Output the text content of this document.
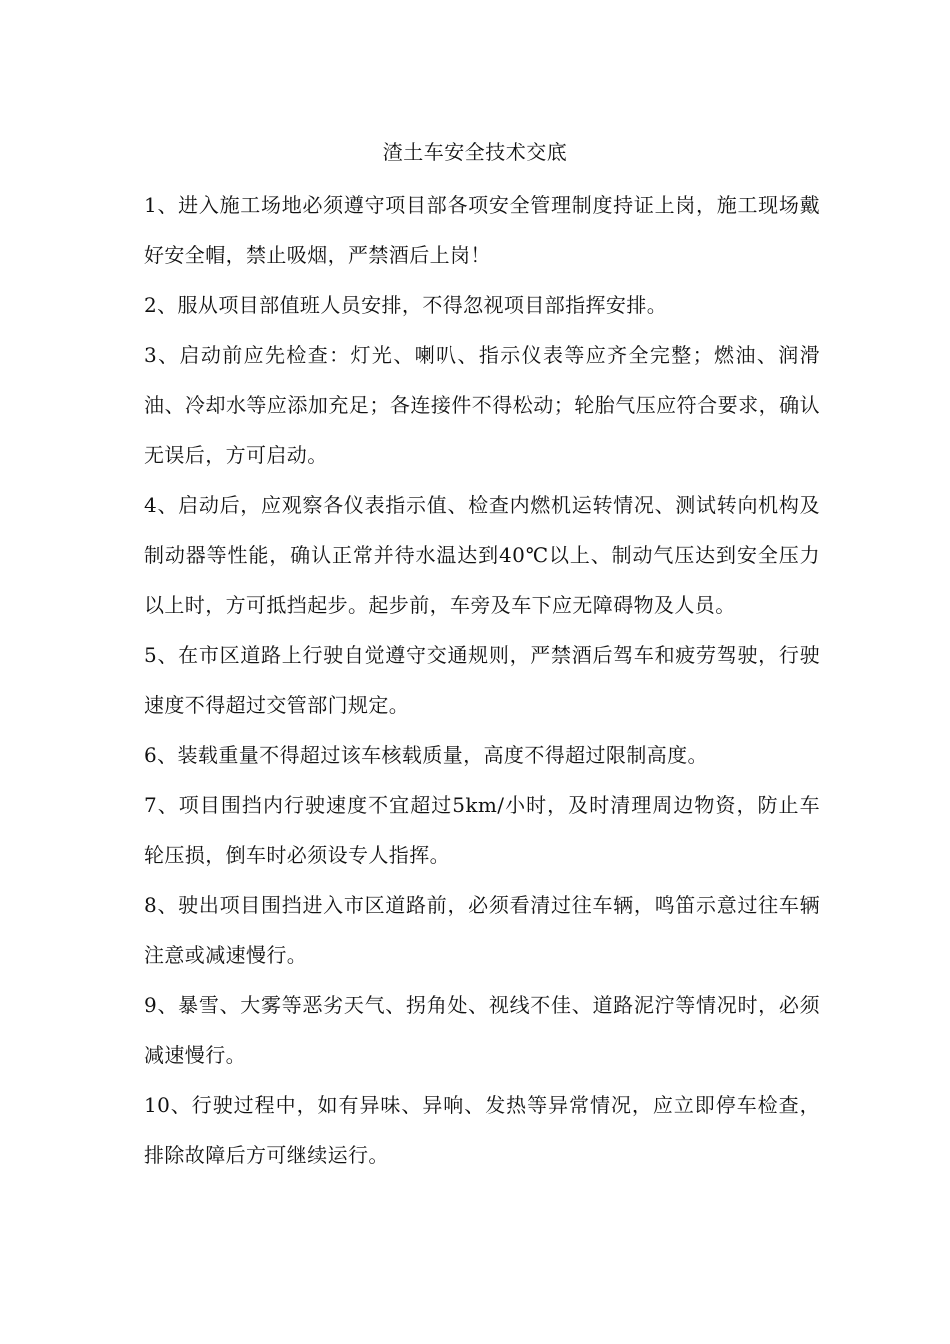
渣土车安全技术交底

1、进入施工场地必须遵守项目部各项安全管理制度持证上岗，施工现场戴好安全帽，禁止吸烟，严禁酒后上岗！

2、服从项目部值班人员安排，不得忽视项目部指挥安排。

3、启动前应先检查：灯光、喇叭、指示仪表等应齐全完整；燃油、润滑油、冷却水等应添加充足；各连接件不得松动；轮胎气压应符合要求，确认无误后，方可启动。

4、启动后，应观察各仪表指示值、检查内燃机运转情况、测试转向机构及制动器等性能，确认正常并待水温达到40℃以上、制动气压达到安全压力以上时，方可抵挡起步。起步前，车旁及车下应无障碍物及人员。

5、在市区道路上行驶自觉遵守交通规则，严禁酒后驾车和疲劳驾驶，行驶速度不得超过交管部门规定。

6、装载重量不得超过该车核载质量，高度不得超过限制高度。

7、项目围挡内行驶速度不宜超过5km/小时，及时清理周边物资，防止车轮压损，倒车时必须设专人指挥。

8、驶出项目围挡进入市区道路前，必须看清过往车辆，鸣笛示意过往车辆注意或减速慢行。

9、暴雪、大雾等恶劣天气、拐角处、视线不佳、道路泥泞等情况时，必须减速慢行。

10、行驶过程中，如有异味、异响、发热等异常情况，应立即停车检查，排除故障后方可继续运行。
